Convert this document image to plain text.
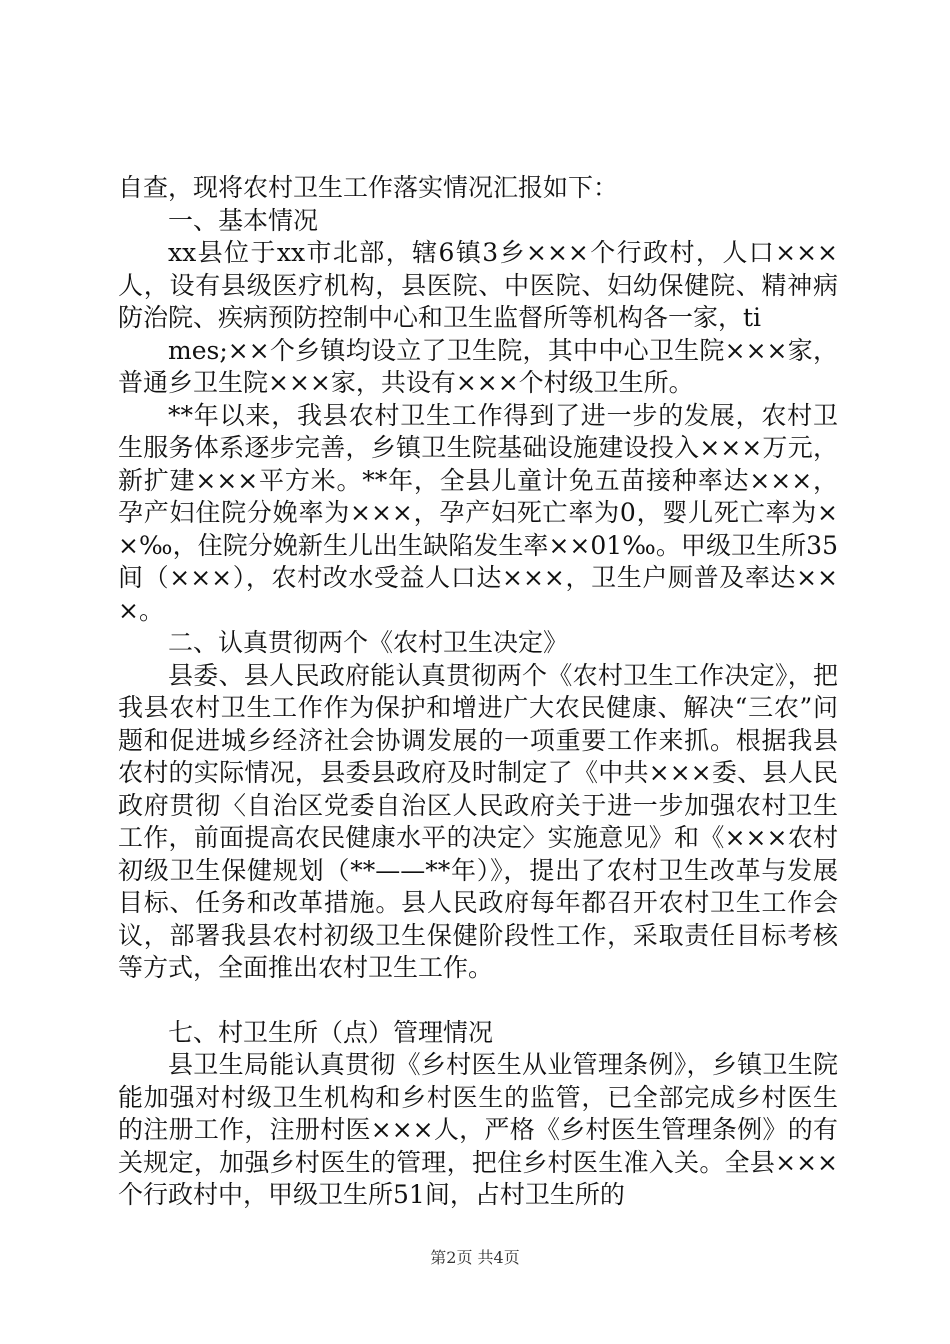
自查，现将农村卫生工作落实情况汇报如下：

一、基本情况

xx县位于xx市北部，辖6镇3乡×××个行政村，人口×××人，设有县级医疗机构，县医院、中医院、妇幼保健院、精神病防治院、疾病预防控制中心和卫生监督所等机构各一家，ti

mes;××个乡镇均设立了卫生院，其中中心卫生院×××家，普通乡卫生院×××家，共设有×××个村级卫生所。

**年以来，我县农村卫生工作得到了进一步的发展，农村卫生服务体系逐步完善，乡镇卫生院基础设施建设投入×××万元，新扩建×××平方米。**年，全县儿童计免五苗接种率达×××，孕产妇住院分娩率为×××，孕产妇死亡率为0，婴儿死亡率为××‰，住院分娩新生儿出生缺陷发生率××01‰。甲级卫生所35间（×××），农村改水受益人口达×××，卫生户厕普及率达×××。

二、认真贯彻两个《农村卫生决定》

县委、县人民政府能认真贯彻两个《农村卫生工作决定》，把我县农村卫生工作作为保护和增进广大农民健康、解决“三农”问题和促进城乡经济社会协调发展的一项重要工作来抓。根据我县农村的实际情况，县委县政府及时制定了《中共×××委、县人民政府贯彻〈自治区党委自治区人民政府关于进一步加强农村卫生工作，前面提高农民健康水平的决定〉实施意见》和《×××农村初级卫生保健规划（**——**年）》，提出了农村卫生改革与发展目标、任务和改革措施。县人民政府每年都召开农村卫生工作会议，部署我县农村初级卫生保健阶段性工作，采取责任目标考核等方式，全面推出农村卫生工作。

七、村卫生所（点）管理情况

县卫生局能认真贯彻《乡村医生从业管理条例》，乡镇卫生院能加强对村级卫生机构和乡村医生的监管，已全部完成乡村医生的注册工作，注册村医×××人，严格《乡村医生管理条例》的有关规定，加强乡村医生的管理，把住乡村医生准入关。全县×××个行政村中，甲级卫生所51间，占村卫生所的

第2页 共4页
